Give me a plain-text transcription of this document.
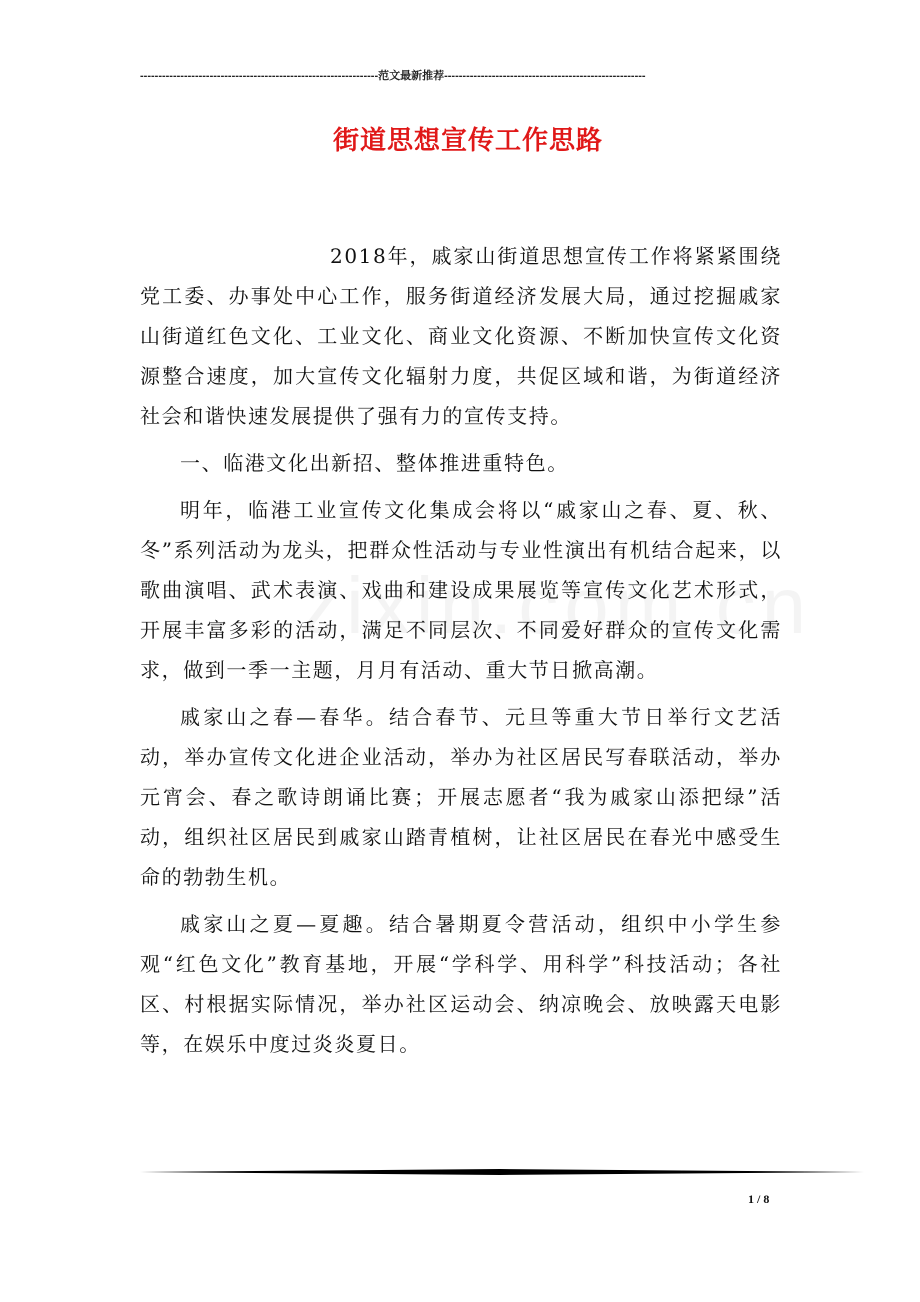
-----------------------------------------------------------------范文最新推荐-------------------------------------------------------
街道思想宣传工作思路

2018年，戚家山街道思想宣传工作将紧紧围绕党工委、办事处中心工作，服务街道经济发展大局，通过挖掘戚家山街道红色文化、工业文化、商业文化资源、不断加快宣传文化资源整合速度，加大宣传文化辐射力度，共促区域和谐，为街道经济社会和谐快速发展提供了强有力的宣传支持。

一、临港文化出新招、整体推进重特色。

明年，临港工业宣传文化集成会将以“戚家山之春、夏、秋、冬”系列活动为龙头，把群众性活动与专业性演出有机结合起来，以歌曲演唱、武术表演、戏曲和建设成果展览等宣传文化艺术形式，开展丰富多彩的活动，满足不同层次、不同爱好群众的宣传文化需求，做到一季一主题，月月有活动、重大节日掀高潮。

戚家山之春—春华。结合春节、元旦等重大节日举行文艺活动，举办宣传文化进企业活动，举办为社区居民写春联活动，举办元宵会、春之歌诗朗诵比赛；开展志愿者“我为戚家山添把绿”活动，组织社区居民到戚家山踏青植树，让社区居民在春光中感受生命的勃勃生机。

戚家山之夏—夏趣。结合暑期夏令营活动，组织中小学生参观“红色文化”教育基地，开展“学科学、用科学”科技活动；各社区、村根据实际情况，举办社区运动会、纳凉晚会、放映露天电影等，在娱乐中度过炎炎夏日。

1 / 8
